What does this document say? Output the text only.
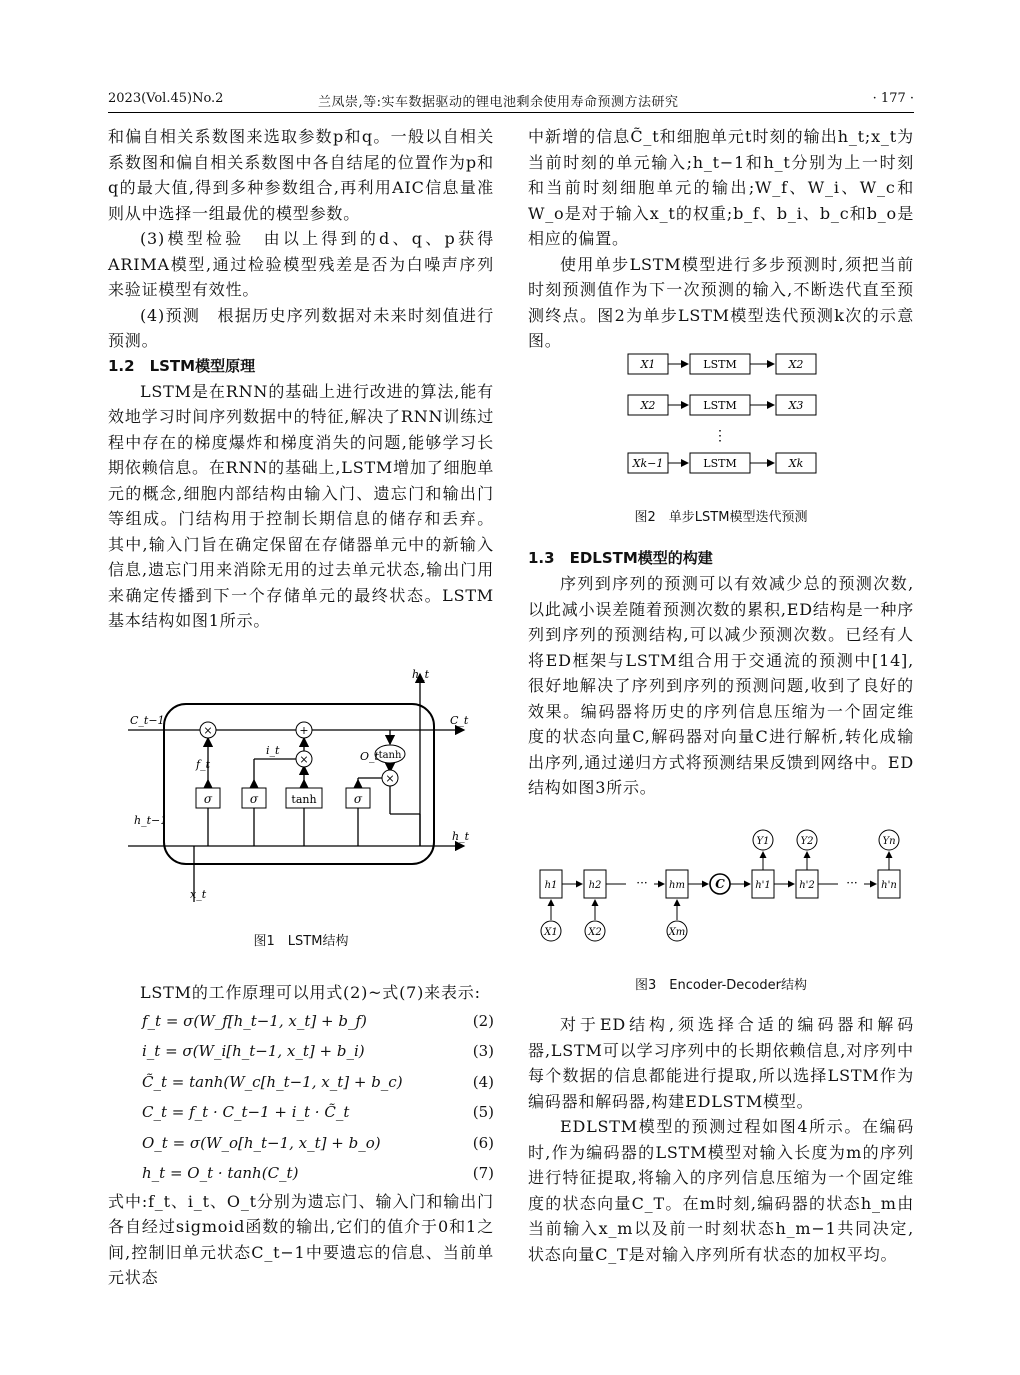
2023(Vol.45)No.2	兰凤崇,等:实车数据驱动的锂电池剩余使用寿命预测方法研究	· 177 ·

和偏自相关系数图来选取参数p和q。一般以自相关系数图和偏自相关系数图中各自结尾的位置作为p和q的最大值,得到多种参数组合,再利用AIC信息量准则从中选择一组最优的模型参数。

(3)模型检验　由以上得到的d、q、p获得ARIMA模型,通过检验模型残差是否为白噪声序列来验证模型有效性。

(4)预测　根据历史序列数据对未来时刻值进行预测。

1.2　LSTM模型原理

LSTM是在RNN的基础上进行改进的算法,能有效地学习时间序列数据中的特征,解决了RNN训练过程中存在的梯度爆炸和梯度消失的问题,能够学习长期依赖信息。在RNN的基础上,LSTM增加了细胞单元的概念,细胞内部结构由输入门、遗忘门和输出门等组成。门结构用于控制长期信息的储存和丢弃。其中,输入门旨在确定保留在存储器单元中的新输入信息,遗忘门用来消除无用的过去单元状态,输出门用来确定传播到下一个存储单元的最终状态。LSTM基本结构如图1所示。

σ	σ	tanh	σ
×	+
×
×
tanh
C_t−1	C_t
h_t−1
h_t
h_t
x_t
f_t
i_t	O_t
图1　LSTM结构

LSTM的工作原理可以用式(2)~式(7)来表示:

f_t = σ(W_f[h_t−1, x_t] + b_f)	(2)
i_t = σ(W_i[h_t−1, x_t] + b_i)	(3)
C̃_t = tanh(W_c[h_t−1, x_t] + b_c)	(4)
C_t = f_t · C_t−1 + i_t · C̃_t	(5)
O_t = σ(W_o[h_t−1, x_t] + b_o)	(6)
h_t = O_t · tanh(C_t)	(7)

式中:f_t、i_t、O_t分别为遗忘门、输入门和输出门各自经过sigmoid函数的输出,它们的值介于0和1之间,控制旧单元状态C_t−1中要遗忘的信息、当前单元状态

中新增的信息C̃_t和细胞单元t时刻的输出h_t;x_t为当前时刻的单元输入;h_t−1和h_t分别为上一时刻和当前时刻细胞单元的输出;W_f、W_i、W_c和W_o是对于输入x_t的权重;b_f、b_i、b_c和b_o是相应的偏置。

使用单步LSTM模型进行多步预测时,须把当前时刻预测值作为下一次预测的输入,不断迭代直至预测终点。图2为单步LSTM模型迭代预测k次的示意图。

X1	LSTM	X2
X2	LSTM	X3
⋮
Xk−1	LSTM	Xk
图2　单步LSTM模型迭代预测

1.3　EDLSTM模型的构建

序列到序列的预测可以有效减少总的预测次数,以此减小误差随着预测次数的累积,ED结构是一种序列到序列的预测结构,可以减少预测次数。已经有人将ED框架与LSTM组合用于交通流的预测中[14],很好地解决了序列到序列的预测问题,收到了良好的效果。编码器将历史的序列信息压缩为一个固定维度的状态向量C,解码器对向量C进行解析,转化成输出序列,通过递归方式将预测结果反馈到网络中。ED结构如图3所示。

h1	h2	··· hm
X1	X2	Xm
C	h'1	h'2	··· h'n
Y1	Y2	Yn
图3　Encoder-Decoder结构

对于ED结构,须选择合适的编码器和解码器,LSTM可以学习序列中的长期依赖信息,对序列中每个数据的信息都能进行提取,所以选择LSTM作为编码器和解码器,构建EDLSTM模型。

EDLSTM模型的预测过程如图4所示。在编码时,作为编码器的LSTM模型对输入长度为m的序列进行特征提取,将输入的序列信息压缩为一个固定维度的状态向量C_T。在m时刻,编码器的状态h_m由当前输入x_m以及前一时刻状态h_m−1共同决定,状态向量C_T是对输入序列所有状态的加权平均。
